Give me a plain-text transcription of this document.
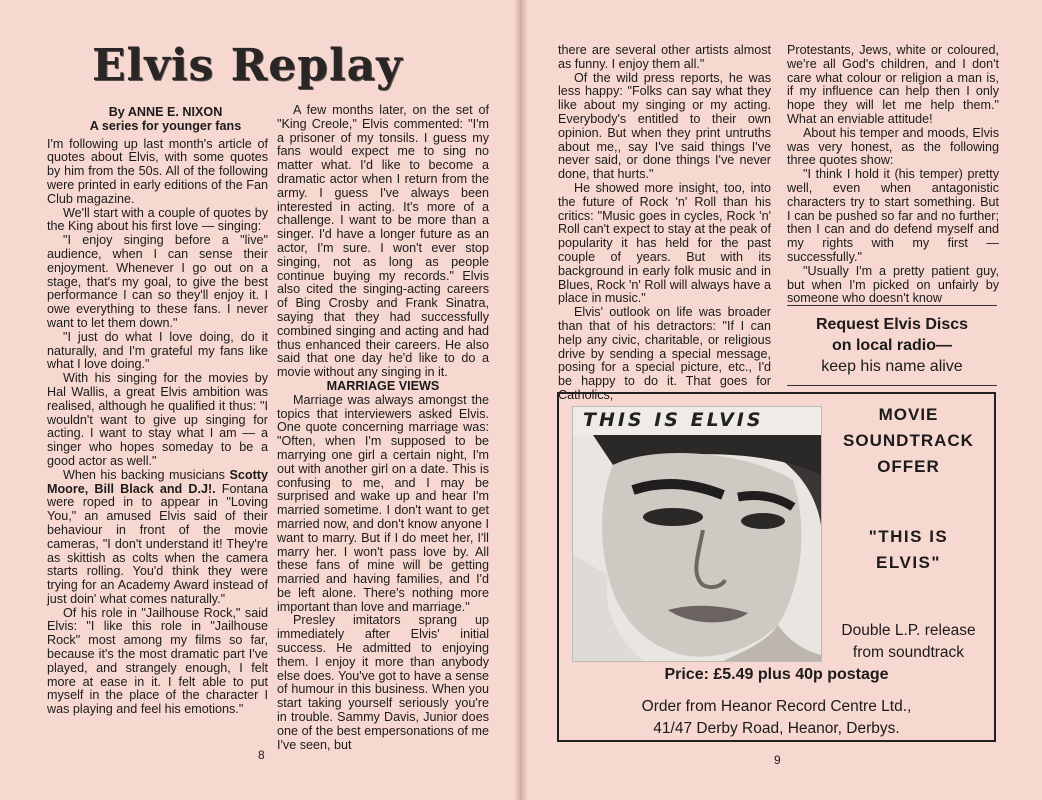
Elvis Replay

By ANNE E. NIXON

A series for younger fans

I'm following up last month's article of quotes about Elvis, with some quotes by him from the 50s. All of the following were printed in early editions of the Fan Club magazine.

We'll start with a couple of quotes by the King about his first love — singing:

"I enjoy singing before a "live" audience, when I can sense their enjoyment. Whenever I go out on a stage, that's my goal, to give the best performance I can so they'll enjoy it. I owe everything to these fans. I never want to let them down."

"I just do what I love doing, do it naturally, and I'm grateful my fans like what I love doing."

With his singing for the movies by Hal Wallis, a great Elvis ambition was realised, although he qualified it thus: "I wouldn't want to give up singing for acting. I want to stay what I am — a singer who hopes someday to be a good actor as well."

When his backing musicians Scotty Moore, Bill Black and D.J!. Fontana were roped in to appear in "Loving You," an amused Elvis said of their behaviour in front of the movie cameras, "I don't understand it! They're as skittish as colts when the camera starts rolling. You'd think they were trying for an Academy Award instead of just doin' what comes naturally."

Of his role in "Jailhouse Rock," said Elvis: "I like this role in "Jailhouse Rock" most among my films so far, because it's the most dramatic part I've played, and strangely enough, I felt more at ease in it. I felt able to put myself in the place of the character I was playing and feel his emotions."

A few months later, on the set of "King Creole," Elvis commented: "I'm a prisoner of my tonsils. I guess my fans would expect me to sing no matter what. I'd like to become a dramatic actor when I return from the army. I guess I've always been interested in acting. It's more of a challenge. I want to be more than a singer. I'd have a longer future as an actor, I'm sure. I won't ever stop singing, not as long as people continue buying my records." Elvis also cited the singing-acting careers of Bing Crosby and Frank Sinatra, saying that they had successfully combined singing and acting and had thus enhanced their careers. He also said that one day he'd like to do a movie without any singing in it.

MARRIAGE VIEWS

Marriage was always amongst the topics that interviewers asked Elvis. One quote concerning marriage was: "Often, when I'm supposed to be marrying one girl a certain night, I'm out with another girl on a date. This is confusing to me, and I may be surprised and wake up and hear I'm married sometime. I don't want to get married now, and don't know anyone I want to marry. But if I do meet her, I'll marry her. I won't pass love by. All these fans of mine will be getting married and having families, and I'd be left alone. There's nothing more important than love and marriage."

Presley imitators sprang up immediately after Elvis' initial success. He admitted to enjoying them. I enjoy it more than anybody else does. You've got to have a sense of humour in this business. When you start taking yourself seriously you're in trouble. Sammy Davis, Junior does one of the best empersonations of me I've seen, but

8

there are several other artists almost as funny. I enjoy them all."

Of the wild press reports, he was less happy: "Folks can say what they like about my singing or my acting. Everybody's entitled to their own opinion. But when they print untruths about me,, say I've said things I've never said, or done things I've never done, that hurts."

He showed more insight, too, into the future of Rock 'n' Roll than his critics: "Music goes in cycles, Rock 'n' Roll can't expect to stay at the peak of popularity it has held for the past couple of years. But with its background in early folk music and in Blues, Rock 'n' Roll will always have a place in music."

Elvis' outlook on life was broader than that of his detractors: "If I can help any civic, charitable, or religious drive by sending a special message, posing for a special picture, etc., I'd be happy to do it. That goes for Catholics,

Protestants, Jews, white or coloured, we're all God's children, and I don't care what colour or religion a man is, if my influence can help then I only hope they will let me help them." What an enviable attitude!

About his temper and moods, Elvis was very honest, as the following three quotes show:

"I think I hold it (his temper) pretty well, even when antagonistic characters try to start something. But I can be pushed so far and no further; then I can and do defend myself and my rights with my first — successfully."

"Usually I'm a pretty patient guy, but when I'm picked on unfairly by someone who doesn't know

9
Request Elvis Discs
on local radio—
keep his name alive
THIS IS ELVIS	MOVIE
SOUNDTRACK
OFFER
"THIS IS
ELVIS"
Double L.P. release
from soundtrack
Price: £5.49 plus 40p postage
Order from Heanor Record Centre Ltd.,
41/47 Derby Road, Heanor, Derbys.
